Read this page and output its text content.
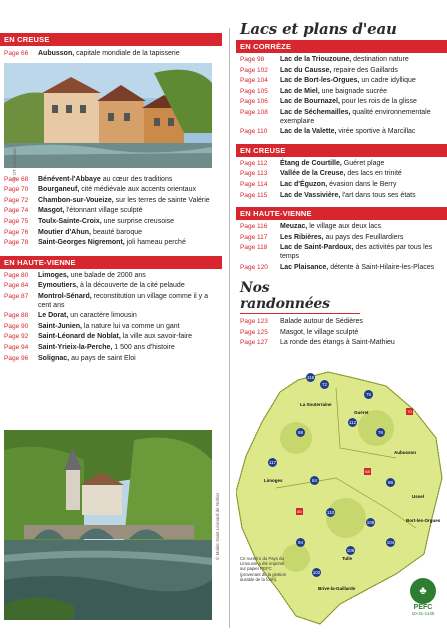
EN CREUSE
Page 66	Aubusson, capitale mondiale de la tapisserie
© OT Aubusson
Page 68	Bénévent-l'Abbaye au cœur des traditions
Page 70	Bourganeuf, cité médiévale aux accents orientaux
Page 72	Chambon-sur-Voueize, sur les terres de sainte Valérie
Page 74	Masgot, l'étonnant village sculpté
Page 75	Toulx-Sainte-Croix, une surprise creusoise
Page 76	Moutier d'Ahun, beauté baroque
Page 78	Saint-Georges Nigremont, joli hameau perché
EN HAUTE-VIENNE
Page 80	Limoges, une balade de 2000 ans
Page 84	Eymoutiers, à la découverte de la cité pelaude
Page 87	Montrol-Sénard, reconstitution un village comme il y a cent ans
Page 88	Le Dorat, un caractère limousin
Page 90	Saint-Junien, la nature lui va comme un gant
Page 92	Saint-Léonard de Noblat, la ville aux savoir-faire
Page 94	Saint-Yrieix-la-Perche, 1 500 ans d'histoire
Page 96	Solignac, au pays de saint Eloi
© Mairie Saint-Léonard de Noblat
Lacs et plans d'eau
EN CORRÈZE
Page 98	Lac de la Triouzoune, destination nature
Page 102	Lac du Causse, repaire des Gaillards
Page 104	Lac de Bort-les-Orgues, un cadre idyllique
Page 105	Lac de Miel, une baignade sucrée
Page 106	Lac de Bournazel, pour les rois de la glisse
Page 108	Lac de Séchemailles, qualité environnementale exemplaire
Page 110	Lac de la Valette, virée sportive à Marcillac
EN CREUSE
Page 112	Étang de Courtille, Guéret plage
Page 113	Vallée de la Creuse, des lacs en trinité
Page 114	Lac d'Éguzon, évasion dans le Berry
Page 115	Lac de Vassivière, l'art dans tous ses états
EN HAUTE-VIENNE
Page 116	Meuzac, le village aux deux lacs
Page 117	Les Ribières, au pays des Feuillardiers
Page 118	Lac de Saint-Pardoux, des activités par tous les temps
Page 120	Lac Plaisance, détente à Saint-Hilaire-les-Places
Nos randonnées
Page 123	Balade autour de Sédières
Page 125	Masgot, le village sculpté
Page 127	La ronde des étangs à Saint-Mathieu
Guéret
Limoges
Brive-la-Gaillarde
Tulle
La Souterraine
Aubusson
Bort-les-Orgues
Ussel
115
72
75
112
76
88
117
84	98
110
105
94
106
104
102
70
68
80
Ce numéro du Pays du Limousin a été imprimé sur papier PEFC (provenant de la gestion durable de la forêt).
♣
PEFC
10-31-1145
